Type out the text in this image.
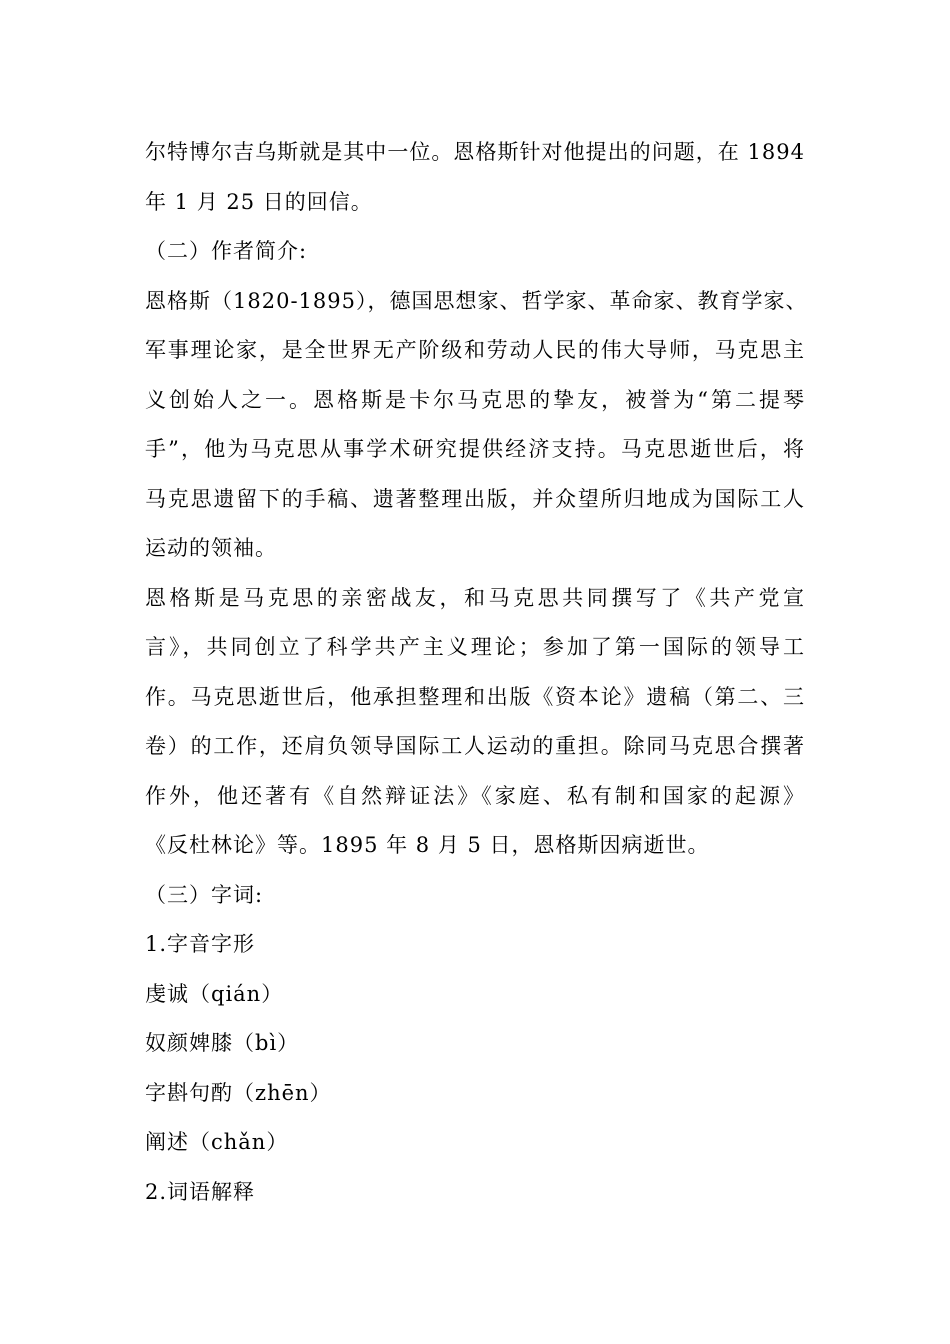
尔特博尔吉乌斯就是其中一位。恩格斯针对他提出的问题，在 1894
年 1 月 25 日的回信。
（二）作者简介:
恩格斯（1820-1895），德国思想家、哲学家、革命家、教育学家、
军事理论家，是全世界无产阶级和劳动人民的伟大导师，马克思主
义创始人之一。恩格斯是卡尔马克思的挚友，被誉为“第二提琴
手”，他为马克思从事学术研究提供经济支持。马克思逝世后，将
马克思遗留下的手稿、遗著整理出版，并众望所归地成为国际工人
运动的领袖。
恩格斯是马克思的亲密战友，和马克思共同撰写了《共产党宣
言》，共同创立了科学共产主义理论；参加了第一国际的领导工
作。马克思逝世后，他承担整理和出版《资本论》遗稿（第二、三
卷）的工作，还肩负领导国际工人运动的重担。除同马克思合撰著
作外，他还著有《自然辩证法》《家庭、私有制和国家的起源》
《反杜林论》等。1895 年 8 月 5 日，恩格斯因病逝世。
（三）字词:
1.字音字形
虔诚（qián）
奴颜婢膝（bì）
字斟句酌（zhēn）
阐述（chǎn）
2.词语解释
